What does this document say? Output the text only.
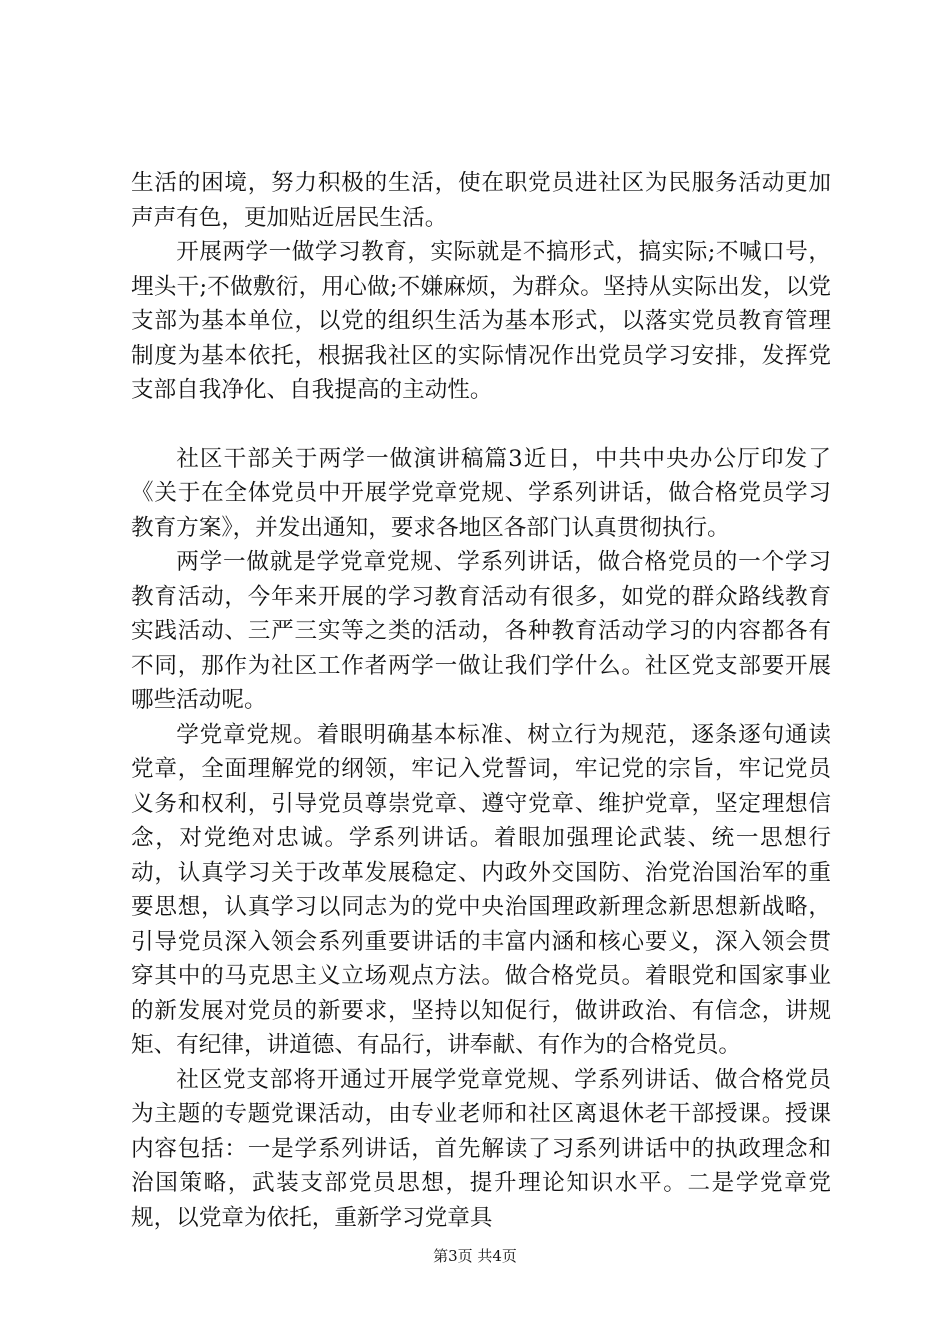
生活的困境，努力积极的生活，使在职党员进社区为民服务活动更加声声有色，更加贴近居民生活。

开展两学一做学习教育，实际就是不搞形式，搞实际;不喊口号，埋头干;不做敷衍，用心做;不嫌麻烦，为群众。坚持从实际出发，以党支部为基本单位，以党的组织生活为基本形式，以落实党员教育管理制度为基本依托，根据我社区的实际情况作出党员学习安排，发挥党支部自我净化、自我提高的主动性。

社区干部关于两学一做演讲稿篇3近日，中共中央办公厅印发了《关于在全体党员中开展学党章党规、学系列讲话，做合格党员学习教育方案》，并发出通知，要求各地区各部门认真贯彻执行。

两学一做就是学党章党规、学系列讲话，做合格党员的一个学习教育活动，今年来开展的学习教育活动有很多，如党的群众路线教育实践活动、三严三实等之类的活动，各种教育活动学习的内容都各有不同，那作为社区工作者两学一做让我们学什么。社区党支部要开展哪些活动呢。

学党章党规。着眼明确基本标准、树立行为规范，逐条逐句通读党章，全面理解党的纲领，牢记入党誓词，牢记党的宗旨，牢记党员义务和权利，引导党员尊崇党章、遵守党章、维护党章，坚定理想信念，对党绝对忠诚。学系列讲话。着眼加强理论武装、统一思想行动，认真学习关于改革发展稳定、内政外交国防、治党治国治军的重要思想，认真学习以同志为的党中央治国理政新理念新思想新战略，引导党员深入领会系列重要讲话的丰富内涵和核心要义，深入领会贯穿其中的马克思主义立场观点方法。做合格党员。着眼党和国家事业的新发展对党员的新要求，坚持以知促行，做讲政治、有信念，讲规矩、有纪律，讲道德、有品行，讲奉献、有作为的合格党员。

社区党支部将开通过开展学党章党规、学系列讲话、做合格党员为主题的专题党课活动，由专业老师和社区离退休老干部授课。授课内容包括：一是学系列讲话，首先解读了习系列讲话中的执政理念和治国策略，武装支部党员思想，提升理论知识水平。二是学党章党规，以党章为依托，重新学习党章具

第3页 共4页
